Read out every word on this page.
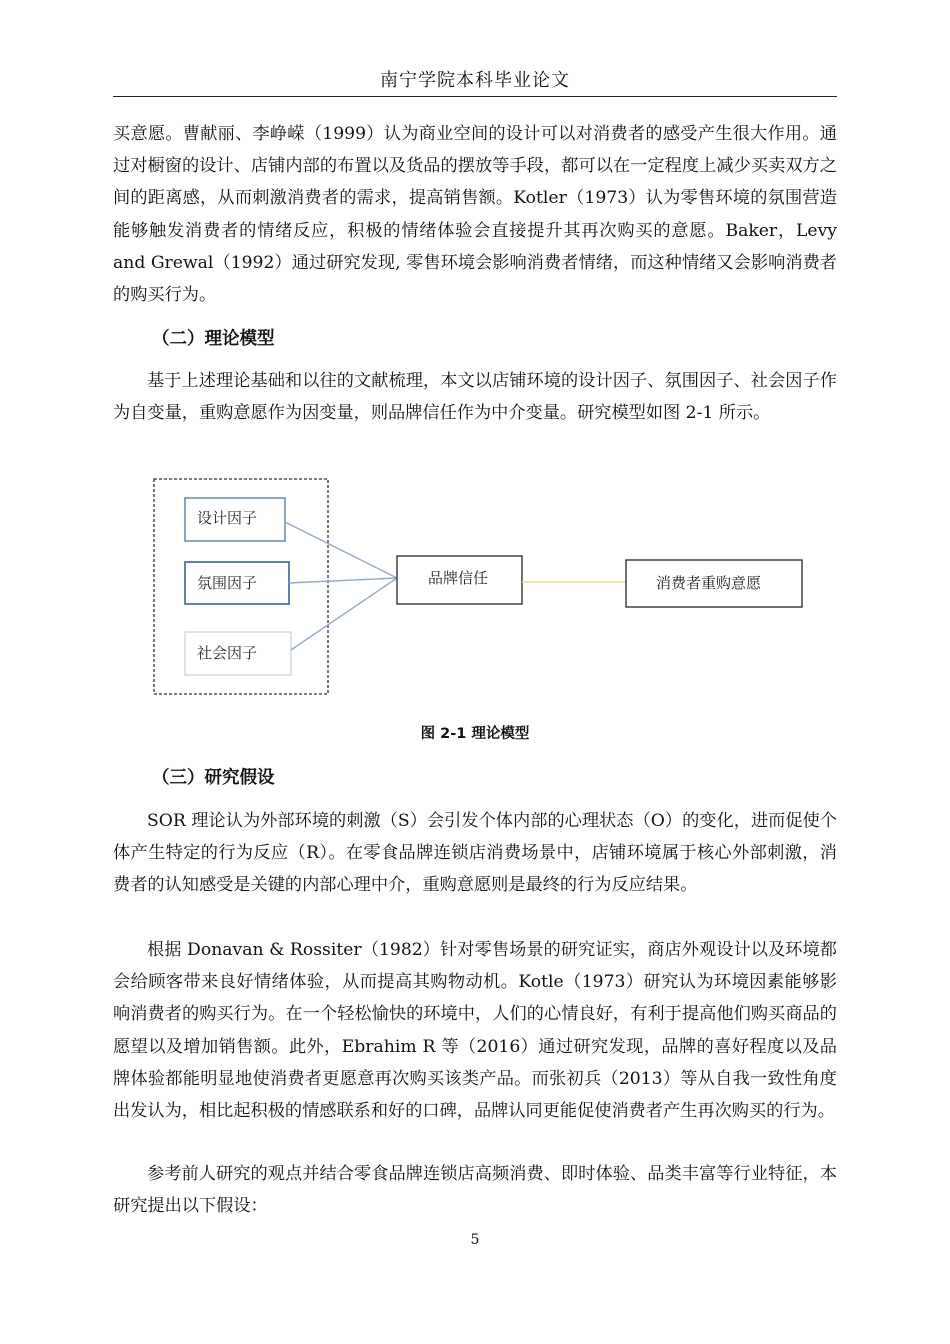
南宁学院本科毕业论文

买意愿。曹献丽、李峥嵘（1999）认为商业空间的设计可以对消费者的感受产生很大作用。通过对橱窗的设计、店铺内部的布置以及货品的摆放等手段，都可以在一定程度上减少买卖双方之间的距离感，从而刺激消费者的需求，提高销售额。Kotler（1973）认为零售环境的氛围营造能够触发消费者的情绪反应，积极的情绪体验会直接提升其再次购买的意愿。Baker，Levy and Grewal（1992）通过研究发现, 零售环境会影响消费者情绪，而这种情绪又会影响消费者的购买行为。

（二）理论模型

基于上述理论基础和以往的文献梳理，本文以店铺环境的设计因子、氛围因子、社会因子作为自变量，重购意愿作为因变量，则品牌信任作为中介变量。研究模型如图 2-1 所示。

设计因子
氛围因子
社会因子
品牌信任	消费者重购意愿
图 2-1 理论模型

（三）研究假设

SOR 理论认为外部环境的刺激（S）会引发个体内部的心理状态（O）的变化，进而促使个体产生特定的行为反应（R）。在零食品牌连锁店消费场景中，店铺环境属于核心外部刺激，消费者的认知感受是关键的内部心理中介，重购意愿则是最终的行为反应结果。

根据 Donavan & Rossiter（1982）针对零售场景的研究证实，商店外观设计以及环境都会给顾客带来良好情绪体验，从而提高其购物动机。Kotle（1973）研究认为环境因素能够影响消费者的购买行为。在一个轻松愉快的环境中，人们的心情良好，有利于提高他们购买商品的愿望以及增加销售额。此外，Ebrahim R 等（2016）通过研究发现，品牌的喜好程度以及品牌体验都能明显地使消费者更愿意再次购买该类产品。而张初兵（2013）等从自我一致性角度出发认为，相比起积极的情感联系和好的口碑，品牌认同更能促使消费者产生再次购买的行为。

参考前人研究的观点并结合零食品牌连锁店高频消费、即时体验、品类丰富等行业特征，本研究提出以下假设：

5
